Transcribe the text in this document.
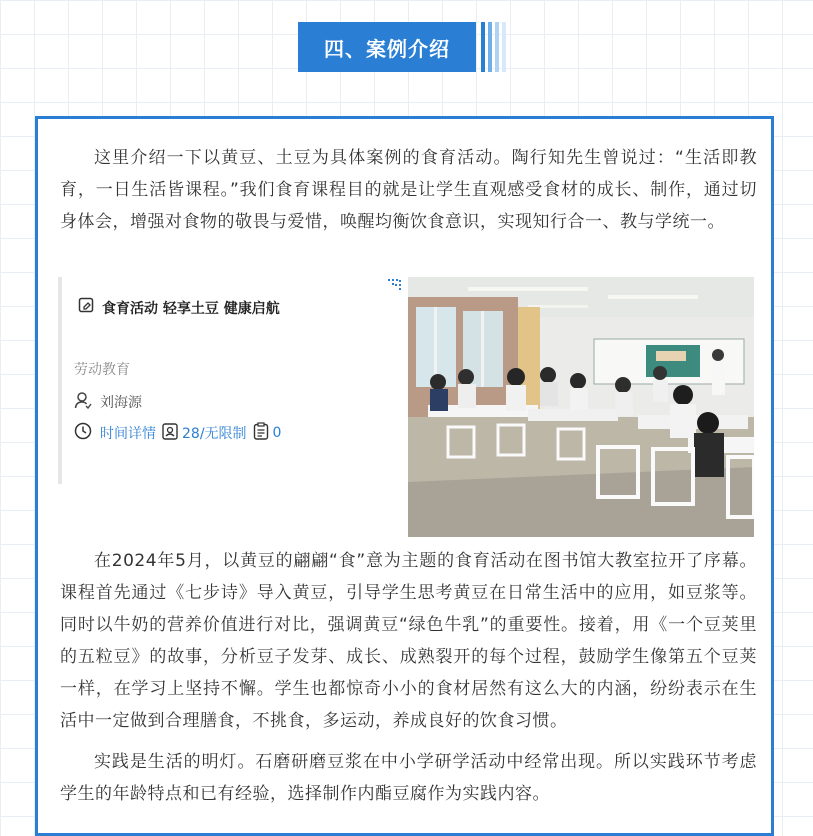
四、案例介绍

这里介绍一下以黄豆、土豆为具体案例的食育活动。陶行知先生曾说过：“生活即教育，一日生活皆课程。”我们食育课程目的就是让学生直观感受食材的成长、制作，通过切身体会，增强对食物的敬畏与爱惜，唤醒均衡饮食意识，实现知行合一、教与学统一。

食育活动 轻享土豆 健康启航
劳动教育
刘海源
时间详情 28/无限制 0

在2024年5月，以黄豆的翩翩“食”意为主题的食育活动在图书馆大教室拉开了序幕。课程首先通过《七步诗》导入黄豆，引导学生思考黄豆在日常生活中的应用，如豆浆等。同时以牛奶的营养价值进行对比，强调黄豆“绿色牛乳”的重要性。接着，用《一个豆荚里的五粒豆》的故事，分析豆子发芽、成长、成熟裂开的每个过程，鼓励学生像第五个豆荚一样，在学习上坚持不懈。学生也都惊奇小小的食材居然有这么大的内涵，纷纷表示在生活中一定做到合理膳食，不挑食，多运动，养成良好的饮食习惯。

实践是生活的明灯。石磨研磨豆浆在中小学研学活动中经常出现。所以实践环节考虑学生的年龄特点和已有经验，选择制作内酯豆腐作为实践内容。
